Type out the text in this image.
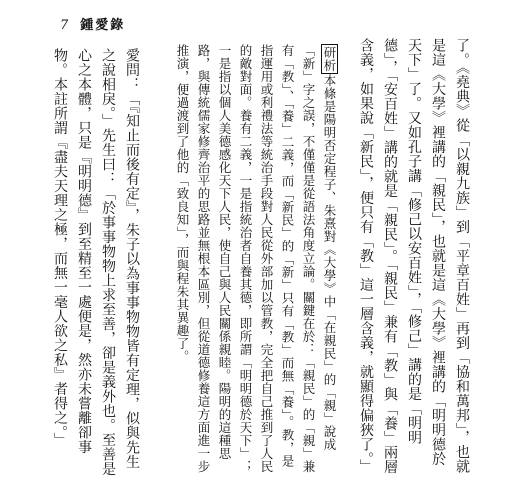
7 鍾愛錄

了。《堯典》從「以親九族」到「平章百姓」再到「協和萬邦」，也就是這《大學》裡講的「親民」，也就是這《大學》裡講的「明明德於天下」了。又如孔子講「修己以安百姓」，「修己」講的是「明明德」，「安百姓」講的就是「親民」。「親民」兼有「教」與「養」兩層含義，如果說「新民」，便只有「教」這一層含義，就顯得偏狹了。」

研析本條是陽明否定程子、朱熹對《大學》中「在親民」的「親」說成「新」字之誤，不僅僅是從語法角度立論。關鍵在於：「親民」的「親」兼有「教」、「養」二義，而「新民」的「新」只有「教」而無「養」。教，是指運用或利禮法等統治手段對人民從外部加以管教，完全把自己推到了人民的敵對面。養有二義，一是指統治者自養其德，即所謂「明明德於天下」；一是指以個人美德感化天下人民，使自己與人民關係親睦。陽明的這種思路，與傳統儒家修齊治平的思路並無根本區別，但從道德修養這方面進一步推演，便過渡到了他的「致良知」，而與程朱其異趣了。

愛問：「『知止而後有定』，朱子以為事事物物皆有定理，似與先生之說相戾。」先生曰：「於事事物物上求至善，卻是義外也。至善是心之本體，只是『明明德』到至精至一處便是，然亦未嘗離卻事物。本註所謂『盡夫天理之極，而無一毫人欲之私』者得之。」
